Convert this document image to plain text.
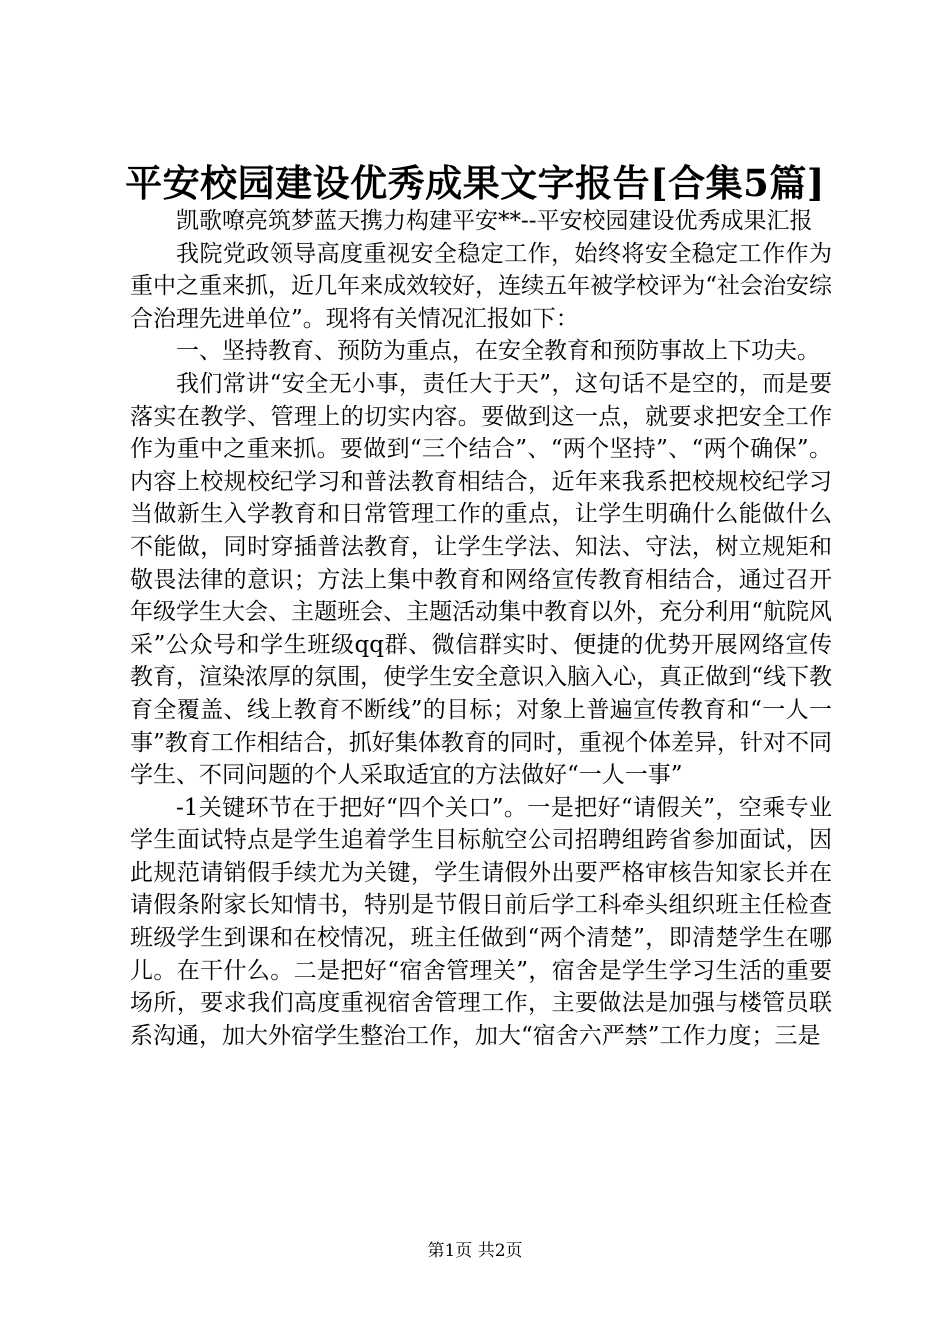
平安校园建设优秀成果文字报告[合集5篇]

凯歌嘹亮筑梦蓝天携力构建平安**--平安校园建设优秀成果汇报

我院党政领导高度重视安全稳定工作，始终将安全稳定工作作为重中之重来抓，近几年来成效较好，连续五年被学校评为“社会治安综合治理先进单位”。现将有关情况汇报如下：

一、坚持教育、预防为重点，在安全教育和预防事故上下功夫。

我们常讲“安全无小事，责任大于天”，这句话不是空的，而是要落实在教学、管理上的切实内容。要做到这一点，就要求把安全工作作为重中之重来抓。要做到“三个结合”、“两个坚持”、“两个确保”。内容上校规校纪学习和普法教育相结合，近年来我系把校规校纪学习当做新生入学教育和日常管理工作的重点，让学生明确什么能做什么不能做，同时穿插普法教育，让学生学法、知法、守法，树立规矩和敬畏法律的意识；方法上集中教育和网络宣传教育相结合，通过召开年级学生大会、主题班会、主题活动集中教育以外，充分利用“航院风采”公众号和学生班级qq群、微信群实时、便捷的优势开展网络宣传教育，渲染浓厚的氛围，使学生安全意识入脑入心，真正做到“线下教育全覆盖、线上教育不断线”的目标；对象上普遍宣传教育和“一人一事”教育工作相结合，抓好集体教育的同时，重视个体差异，针对不同学生、不同问题的个人采取适宜的方法做好“一人一事”

-1关键环节在于把好“四个关口”。一是把好“请假关”，空乘专业学生面试特点是学生追着学生目标航空公司招聘组跨省参加面试，因此规范请销假手续尤为关键，学生请假外出要严格审核告知家长并在请假条附家长知情书，特别是节假日前后学工科牵头组织班主任检查班级学生到课和在校情况，班主任做到“两个清楚”，即清楚学生在哪儿。在干什么。二是把好“宿舍管理关”，宿舍是学生学习生活的重要场所，要求我们高度重视宿舍管理工作，主要做法是加强与楼管员联系沟通，加大外宿学生整治工作，加大“宿舍六严禁”工作力度；三是

第1页 共2页
